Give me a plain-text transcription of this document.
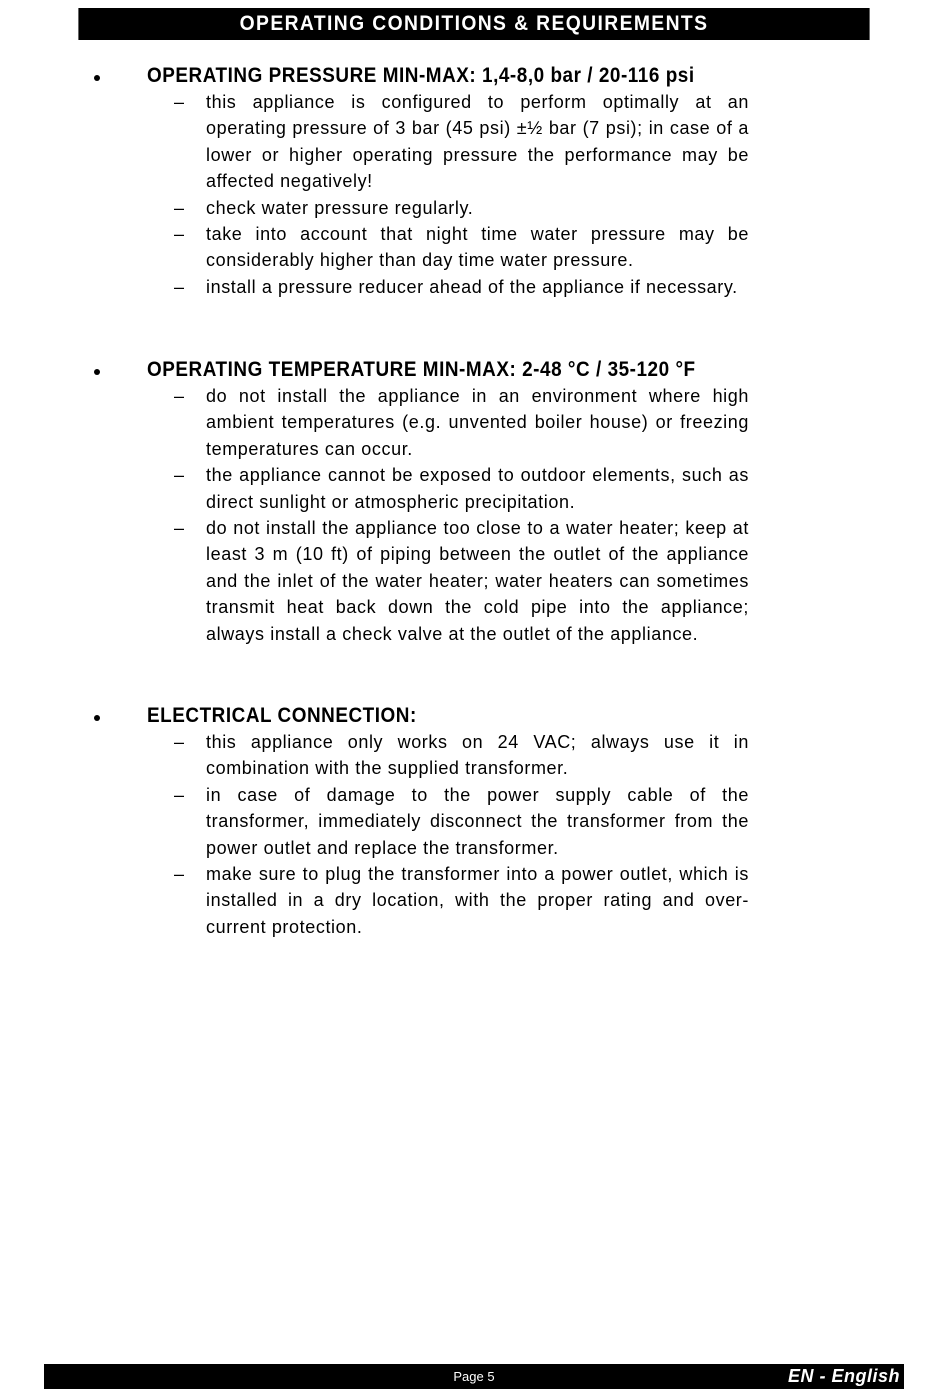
OPERATING CONDITIONS & REQUIREMENTS
OPERATING PRESSURE MIN-MAX: 1,4-8,0 bar / 20-116 psi
– this appliance is configured to perform optimally at an operating pressure of 3 bar (45 psi) ±½ bar (7 psi); in case of a lower or higher operating pressure the performance may be affected negatively!
– check water pressure regularly.
– take into account that night time water pressure may be considerably higher than day time water pressure.
– install a pressure reducer ahead of the appliance if necessary.
OPERATING TEMPERATURE MIN-MAX: 2-48 °C / 35-120 °F
– do not install the appliance in an environment where high ambient temperatures (e.g. unvented boiler house) or freezing temperatures can occur.
– the appliance cannot be exposed to outdoor elements, such as direct sunlight or atmospheric precipitation.
– do not install the appliance too close to a water heater; keep at least 3 m (10 ft) of piping between the outlet of the appliance and the inlet of the water heater; water heaters can sometimes transmit heat back down the cold pipe into the appliance; always install a check valve at the outlet of the appliance.
ELECTRICAL CONNECTION:
– this appliance only works on 24 VAC; always use it in combination with the supplied transformer.
– in case of damage to the power supply cable of the transformer, immediately disconnect the transformer from the power outlet and replace the transformer.
– make sure to plug the transformer into a power outlet, which is installed in a dry location, with the proper rating and over-current protection.
Page 5	EN - English
